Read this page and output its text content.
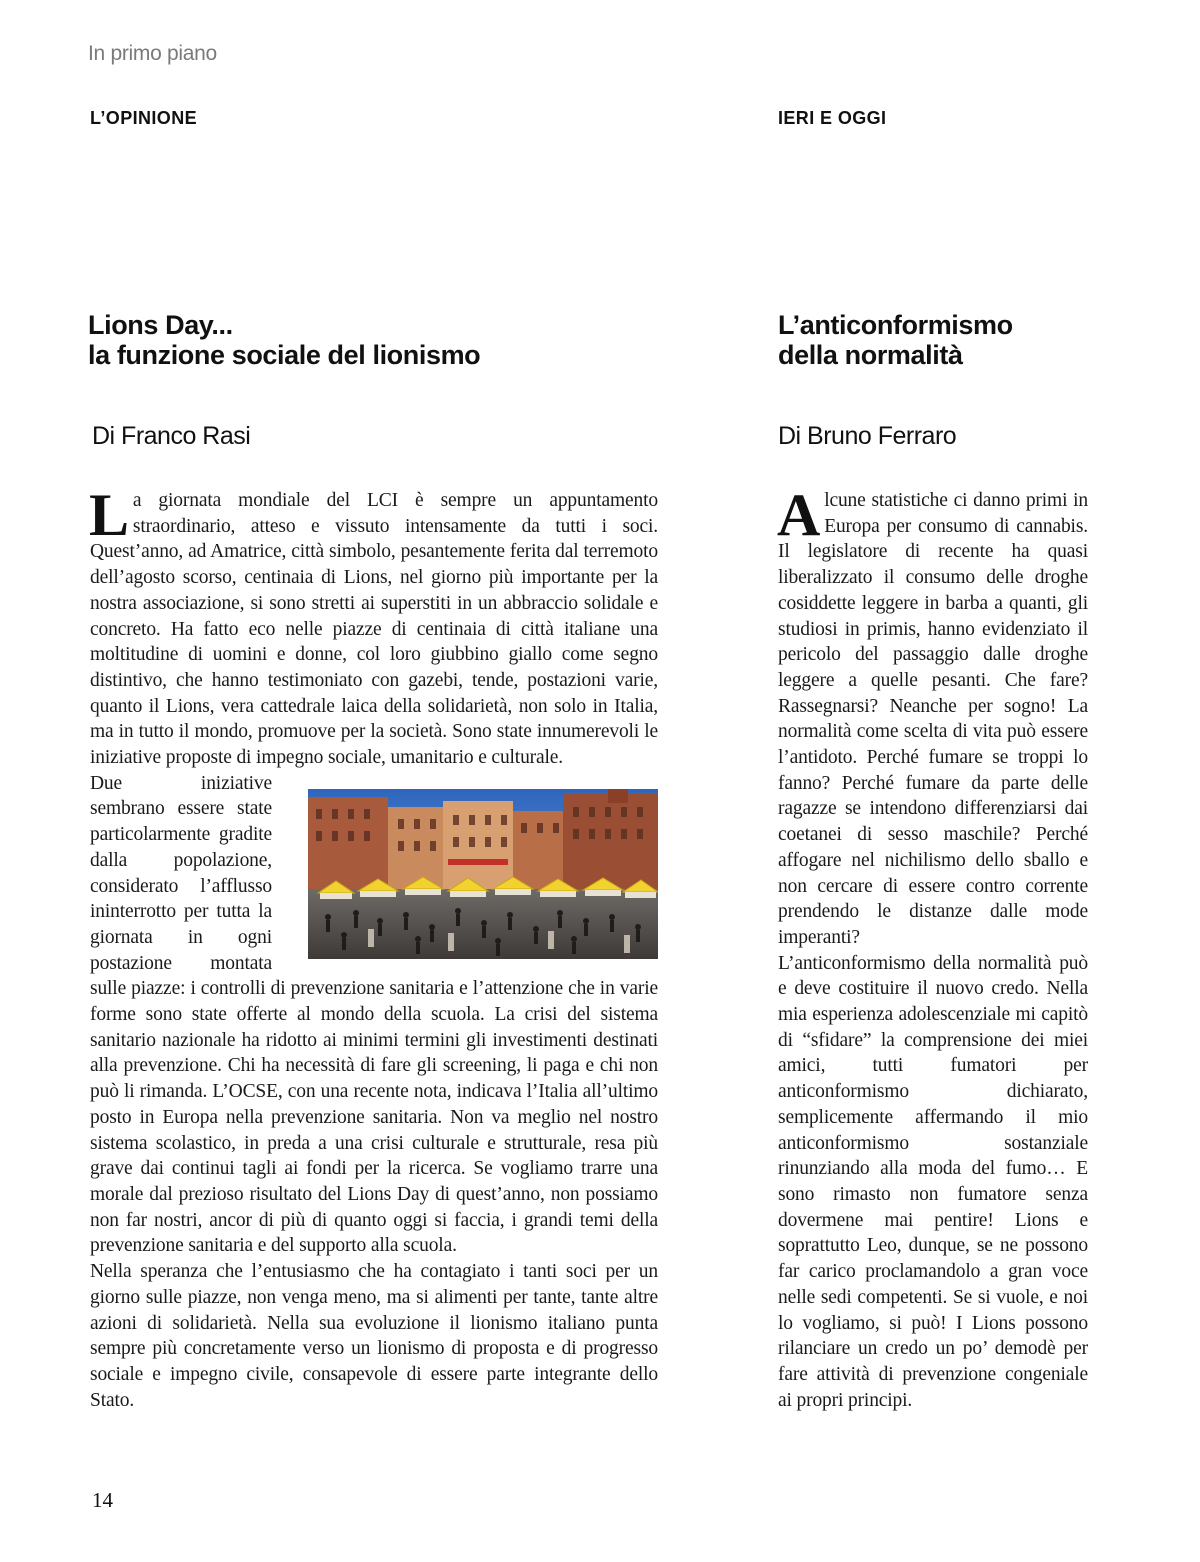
In primo piano
L’OPINIONE
Lions Day...
la funzione sociale del lionismo
Di Franco Rasi
IERI E OGGI
L’anticonformismo
della normalità
Di Bruno Ferraro

La giornata mondiale del LCI è sempre un appuntamento straordinario, atteso e vissuto intensamente da tutti i soci. Quest’anno, ad Amatrice, città simbolo, pesantemente ferita dal terremoto dell’agosto scorso, centinaia di Lions, nel giorno più importante per la nostra associazione, si sono stretti ai superstiti in un abbraccio solidale e concreto. Ha fatto eco nelle piazze di centinaia di città italiane una moltitudine di uomini e donne, col loro giubbino giallo come segno distintivo, che hanno testimoniato con gazebi, tende, postazioni varie, quanto il Lions, vera cattedrale laica della solidarietà, non solo in Italia, ma in tutto il mondo, promuove per la società. Sono state innumerevoli le iniziative proposte di impegno sociale, umanitario e culturale.

Due iniziative sembrano essere state particolarmente gradite dalla popolazione, considerato l’afflusso ininterrotto per tutta la giornata in ogni postazione montata sulle piazze: i controlli di prevenzione sanitaria e l’attenzione che in varie forme sono state offerte al mondo della scuola. La crisi del sistema sanitario nazionale ha ridotto ai minimi termini gli investimenti destinati alla prevenzione. Chi ha necessità di fare gli screening, li paga e chi non può li rimanda. L’OCSE, con una recente nota, indicava l’Italia all’ultimo posto in Europa nella prevenzione sanitaria. Non va meglio nel nostro sistema scolastico, in preda a una crisi culturale e strutturale, resa più grave dai continui tagli ai fondi per la ricerca. Se vogliamo trarre una morale dal prezioso risultato del Lions Day di quest’anno, non possiamo non far nostri, ancor di più di quanto oggi si faccia, i grandi temi della prevenzione sanitaria e del supporto alla scuola.

Nella speranza che l’entusiasmo che ha contagiato i tanti soci per un giorno sulle piazze, non venga meno, ma si alimenti per tante, tante altre azioni di solidarietà. Nella sua evoluzione il lionismo italiano punta sempre più concretamente verso un lionismo di proposta e di progresso sociale e impegno civile, consapevole di essere parte integrante dello Stato.

Alcune statistiche ci danno primi in Europa per consumo di cannabis. Il legislatore di recente ha quasi liberalizzato il consumo delle droghe cosiddette leggere in barba a quanti, gli studiosi in primis, hanno evidenziato il pericolo del passaggio dalle droghe leggere a quelle pesanti. Che fare? Rassegnarsi? Neanche per sogno! La normalità come scelta di vita può essere l’antidoto. Perché fumare se troppi lo fanno? Perché fumare da parte delle ragazze se intendono differenziarsi dai coetanei di sesso maschile? Perché affogare nel nichilismo dello sballo e non cercare di essere contro corrente prendendo le distanze dalle mode imperanti?

L’anticonformismo della normalità può e deve costituire il nuovo credo. Nella mia esperienza adolescenziale mi capitò di “sfidare” la comprensione dei miei amici, tutti fumatori per anticonformismo dichiarato, semplicemente affermando il mio anticonformismo sostanziale rinunziando alla moda del fumo… E sono rimasto non fumatore senza dovermene mai pentire! Lions e soprattutto Leo, dunque, se ne possono far carico proclamandolo a gran voce nelle sedi competenti. Se si vuole, e noi lo vogliamo, si può! I Lions possono rilanciare un credo un po’ demodè per fare attività di prevenzione congeniale ai propri principi.

14
